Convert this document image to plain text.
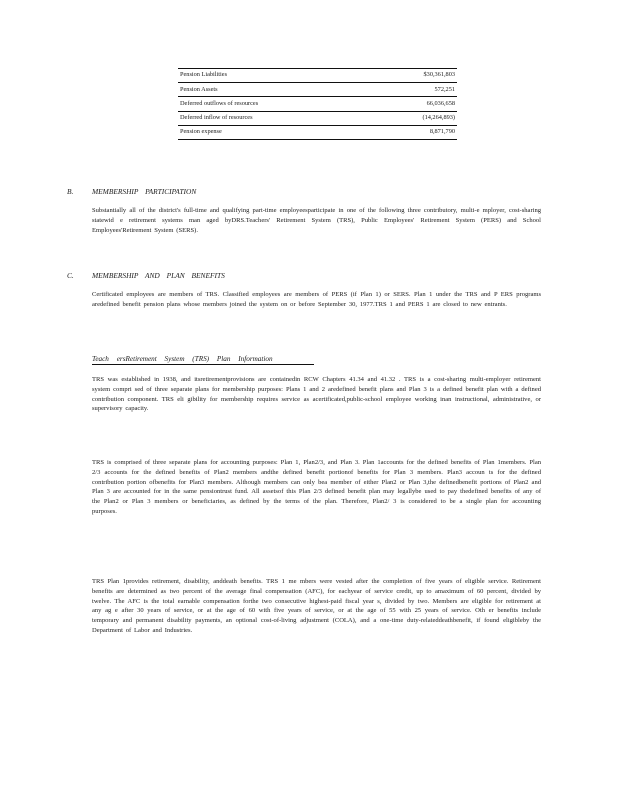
Pension Liabilities	$30,361,803
Pension Assets	572,251
Deferred outflows of resources	66,036,658
Deferred inflow of resources	(14,264,893)
Pension expense	8,871,790
B.	MEMBERSHIP PARTICIPATION

Substantially all of the district's full-time and qualifying part-time employeesparticipate in one of the following three contributory, multi-e mployer, cost-sharing statewid e retirement systems man aged byDRS.Teachers' Retirement System (TRS), Public Employees' Retirement System (PERS) and School Employees'Retirement System (SERS).

C. MEMBERSHIP AND PLAN BENEFITS

Certificated employees are members of TRS. Classified employees are members of PERS (if Plan 1) or SERS. Plan 1 under the TRS and P ERS programs aredefined benefit pension plans whose members joined the system on or before September 30, 1977.TRS 1 and PERS 1 are closed to new entrants.

Teach ersRetirement System (TRS) Plan Information

TRS was established in 1938, and itsretirementprovisions are containedin RCW Chapters 41.34 and 41.32 . TRS is a cost-sharing multi-employer retirement system compri sed of three separate plans for membership purposes: Plans 1 and 2 aredefined benefit plans and Plan 3 is a defined benefit plan with a defined contribution component. TRS eli gibility for membership requires service as acertificated,public-school employee working inan instructional, administrative, or supervisory capacity.

TRS is comprised of three separate plans for accounting purposes: Plan 1, Plan2/3, and Plan 3. Plan 1accounts for the defined benefits of Plan 1members. Plan 2/3 accounts for the defined benefits of Plan2 members andthe defined benefit portionof benefits for Plan 3 members. Plan3 accoun ts for the defined contribution portion ofbenefits for Plan3 members. Although members can only bea member of either Plan2 or Plan 3,the definedbenefit portions of Plan2 and Plan 3 are accounted for in the same pensiontrust fund. All assetsof this Plan 2/3 defined benefit plan may legallybe used to pay thedefined benefits of any of the Plan2 or Plan 3 members or beneficiaries, as defined by the terms of the plan. Therefore, Plan2/ 3 is considered to be a single plan for accounting purposes.

TRS Plan 1provides retirement, disability, anddeath benefits. TRS 1 me mbers were vested after the completion of five years of eligible service. Retirement benefits are determined as two percent of the average final compensation (AFC), for eachyear of service credit, up to amaximum of 60 percent, divided by twelve. The AFC is the total earnable compensation forthe two consecutive highest-paid fiscal year s, divided by two. Members are eligible for retirement at any ag e after 30 years of service, or at the age of 60 with five years of service, or at the age of 55 with 25 years of service. Oth er benefits include temporary and permanent disability payments, an optional cost-of-living adjustment (COLA), and a one-time duty-relateddeathbenefit, if found eligibleby the Department of Labor and Industries.
